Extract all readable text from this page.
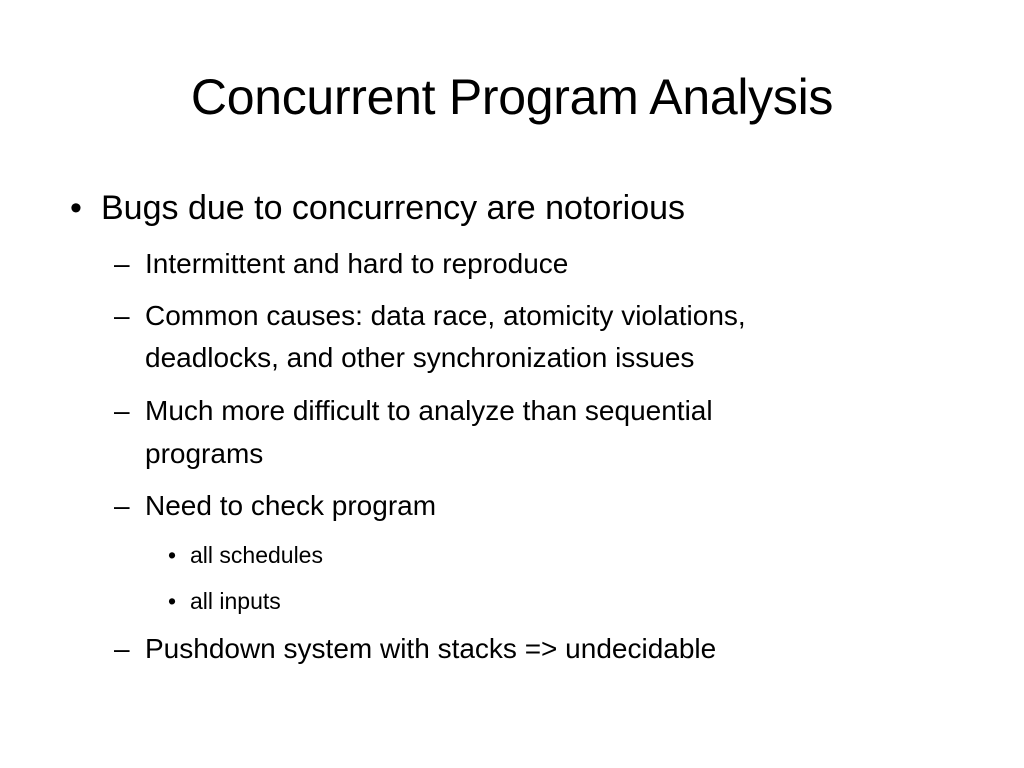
Concurrent Program Analysis
• Bugs due to concurrency are notorious
– Intermittent and hard to reproduce
– Common causes: data race, atomicity violations,
deadlocks, and other synchronization issues
– Much more difficult to analyze than sequential
programs
– Need to check program
• all schedules
• all inputs
– Pushdown system with stacks => undecidable
